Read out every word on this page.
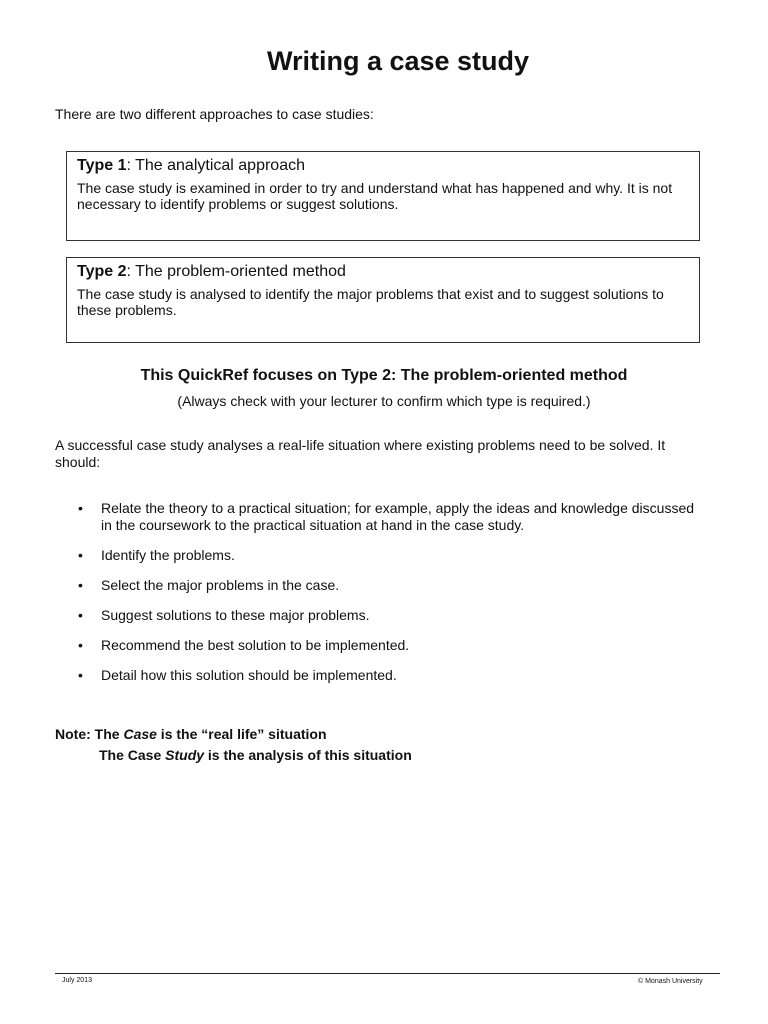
Writing a case study

There are two different approaches to case studies:

Type 1: The analytical approach

The case study is examined in order to try and understand what has happened and why. It is not necessary to identify problems or suggest solutions.

Type 2: The problem-oriented method

The case study is analysed to identify the major problems that exist and to suggest solutions to these problems.

This QuickRef focuses on Type 2: The problem-oriented method

(Always check with your lecturer to confirm which type is required.)

A successful case study analyses a real-life situation where existing problems need to be solved. It should:

• Relate the theory to a practical situation; for example, apply the ideas and knowledge discussed in the coursework to the practical situation at hand in the case study.
• Identify the problems.
• Select the major problems in the case.
• Suggest solutions to these major problems.
• Recommend the best solution to be implemented.
• Detail how this solution should be implemented.
Note: The Case is the “real life” situation
The Case Study is the analysis of this situation
July 2013	© Monash University
